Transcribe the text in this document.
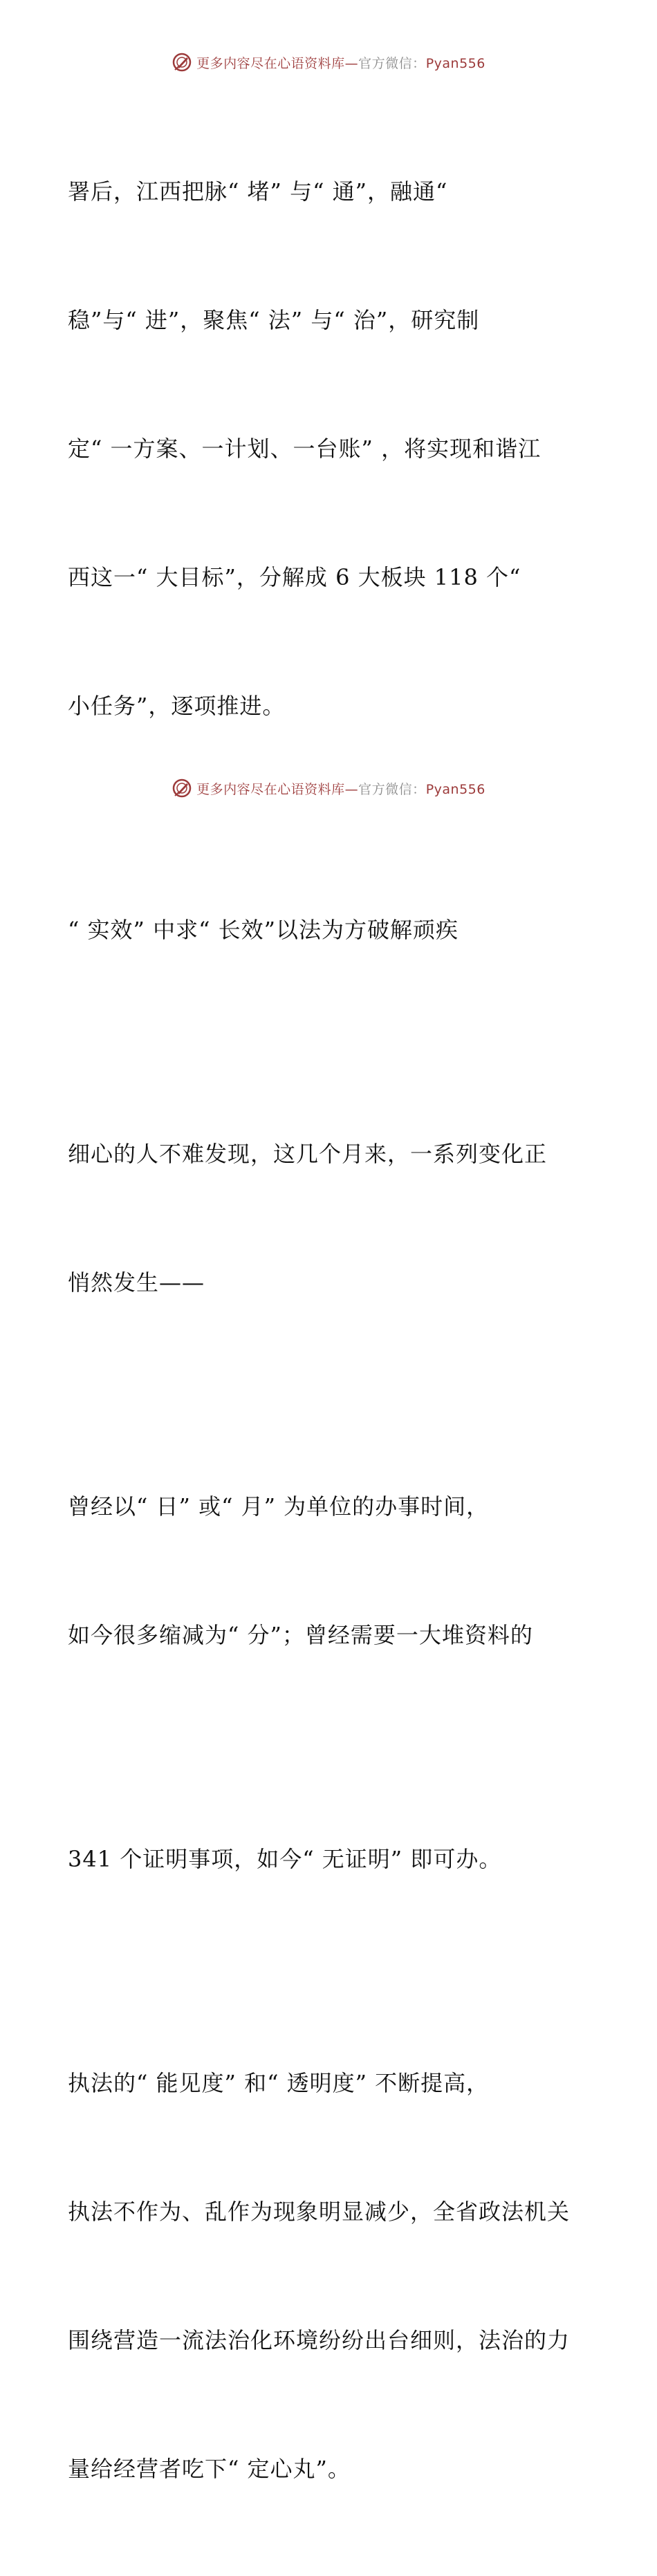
更多内容尽在心语资料库—官方微信：Pyan556

署后，江西把脉“ 堵” 与“ 通”，融通“

稳”与“ 进”，聚焦“ 法” 与“ 治”，研究制

定“ 一方案、一计划、一台账” ，将实现和谐江

西这一“ 大目标”，分解成 6 大板块 118 个“

小任务”，逐项推进。

“ 实效” 中求“ 长效”以法为方破解顽疾

细心的人不难发现，这几个月来，一系列变化正

悄然发生——

曾经以“ 日” 或“ 月” 为单位的办事时间，

如今很多缩减为“ 分”；曾经需要一大堆资料的

341 个证明事项，如今“ 无证明” 即可办。

执法的“ 能见度” 和“ 透明度” 不断提高，

执法不作为、乱作为现象明显减少，全省政法机关

围绕营造一流法治化环境纷纷出台细则，法治的力

量给经营者吃下“ 定心丸”。

更多内容尽在心语资料库—官方微信：Pyan556
